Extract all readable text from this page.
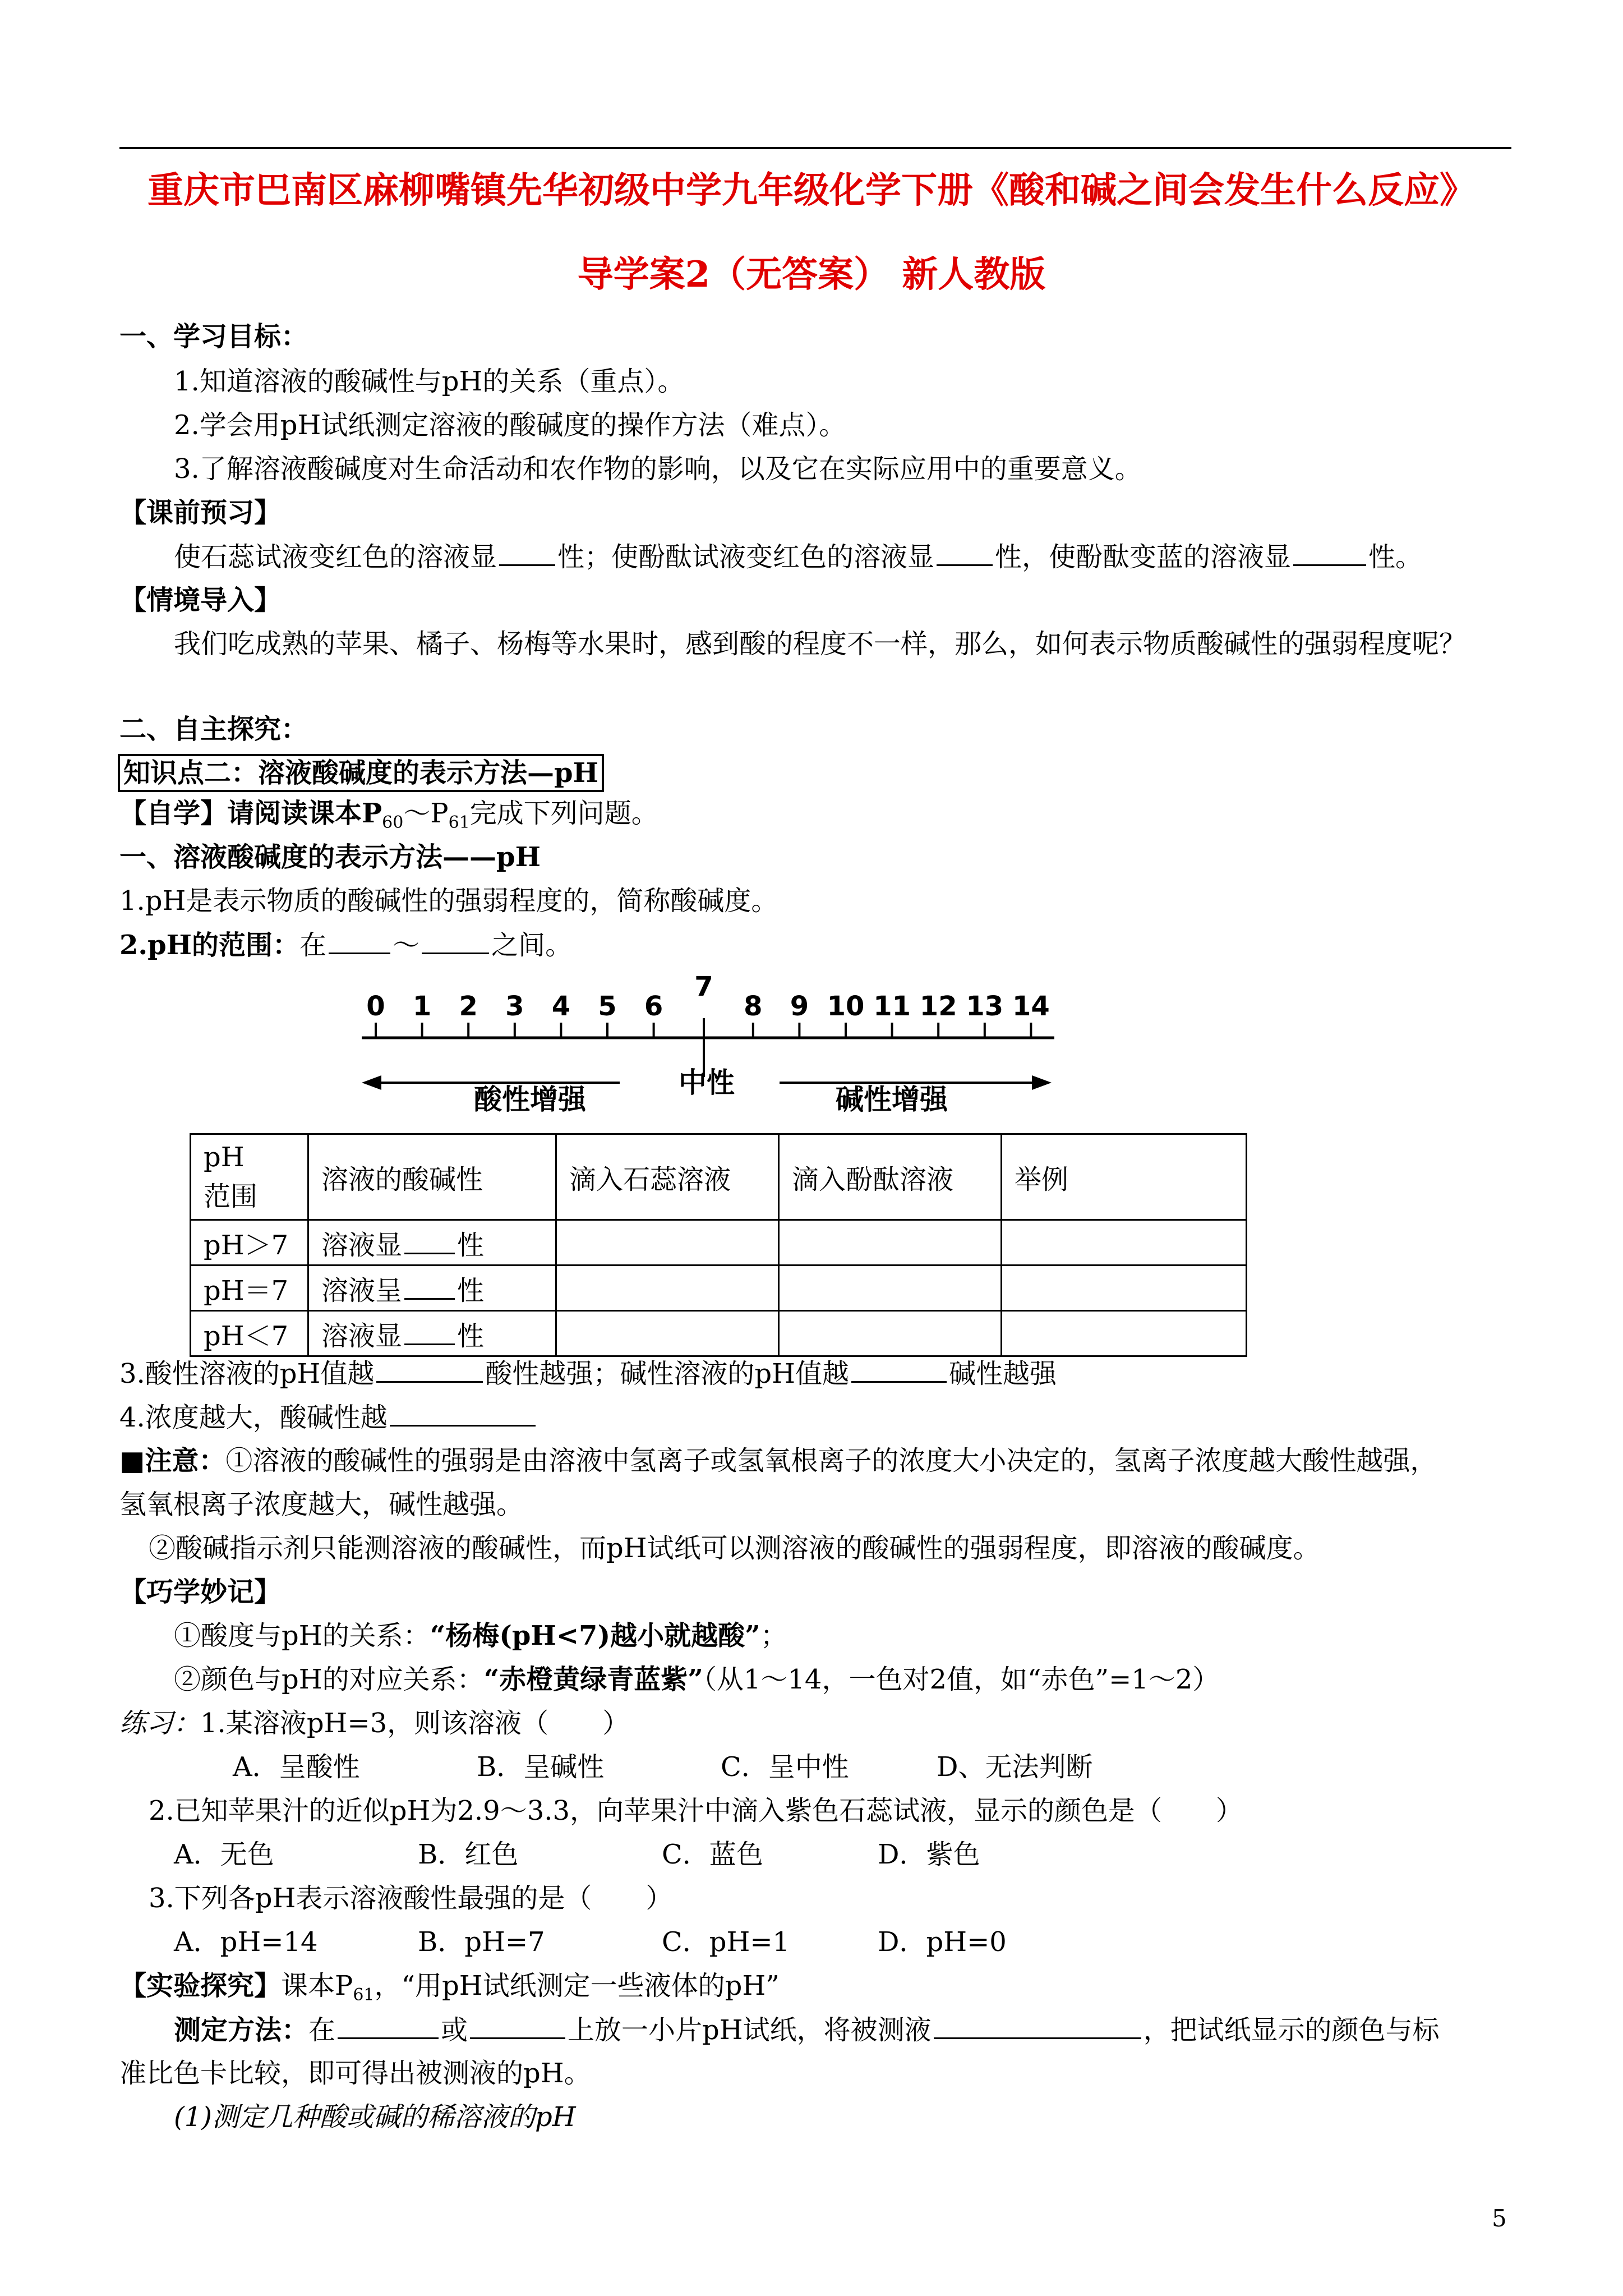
重庆市巴南区麻柳嘴镇先华初级中学九年级化学下册《酸和碱之间会发生什么反应》
导学案2（无答案） 新人教版
一、学习目标：
1.知道溶液的酸碱性与pH的关系（重点）。
2.学会用pH试纸测定溶液的酸碱度的操作方法（难点）。
3.了解溶液酸碱度对生命活动和农作物的影响，以及它在实际应用中的重要意义。
【课前预习】
使石蕊试液变红色的溶液显 性；使酚酞试液变红色的溶液显 性，使酚酞变蓝的溶液显	性。
【情境导入】
我们吃成熟的苹果、橘子、杨梅等水果时，感到酸的程度不一样，那么，如何表示物质酸碱性的强弱程度呢？
二、自主探究：
知识点二：溶液酸碱度的表示方法—pH
【自学】请阅读课本$P_{60}\sim P_{61}$完成下列问题。
一、溶液酸碱度的表示方法——pH
1.pH是表示物质的酸碱性的强弱程度的，简称酸碱度。
2.pH的范围：在 ～	之间。
0 1 2 3 4 5 6
7
8 9 10 11 12 13 14
酸性增强
中性
碱性增强
pH　范围	溶液的酸碱性	滴入石蕊溶液	滴入酚酞溶液	举例
pH＞7	溶液显 性			
pH＝7	溶液呈 性			
pH＜7	溶液显 性			
3.酸性溶液的pH值越	酸性越强；碱性溶液的pH值越	碱性越强
4.浓度越大，酸碱性越
■注意：①溶液的酸碱性的强弱是由溶液中氢离子或氢氧根离子的浓度大小决定的，氢离子浓度越大酸性越强，
氢氧根离子浓度越大，碱性越强。
②酸碱指示剂只能测溶液的酸碱性，而pH试纸可以测溶液的酸碱性的强弱程度，即溶液的酸碱度。
【巧学妙记】
①酸度与pH的关系：“杨梅(pH<7)越小就越酸”；
②颜色与pH的对应关系：“赤橙黄绿青蓝紫”（从1～14，一色对2值，如“赤色”=1～2）
练习：1.某溶液pH=3，则该溶液（　　）
A．呈酸性	B．呈碱性	C．呈中性	D、无法判断
2.已知苹果汁的近似pH为2.9～3.3，向苹果汁中滴入紫色石蕊试液，显示的颜色是（　　）
A．无色	B．红色	C．蓝色	D．紫色
3.下列各pH表示溶液酸性最强的是（　　）
A．pH=14	B．pH=7	C．pH=1	D．pH=0
【实验探究】课本$P_{61}$，“用pH试纸测定一些液体的pH”
测定方法：在	或	上放一小片pH试纸，将被测液	，把试纸显示的颜色与标
准比色卡比较，即可得出被测液的pH。
(1)测定几种酸或碱的稀溶液的pH
5
